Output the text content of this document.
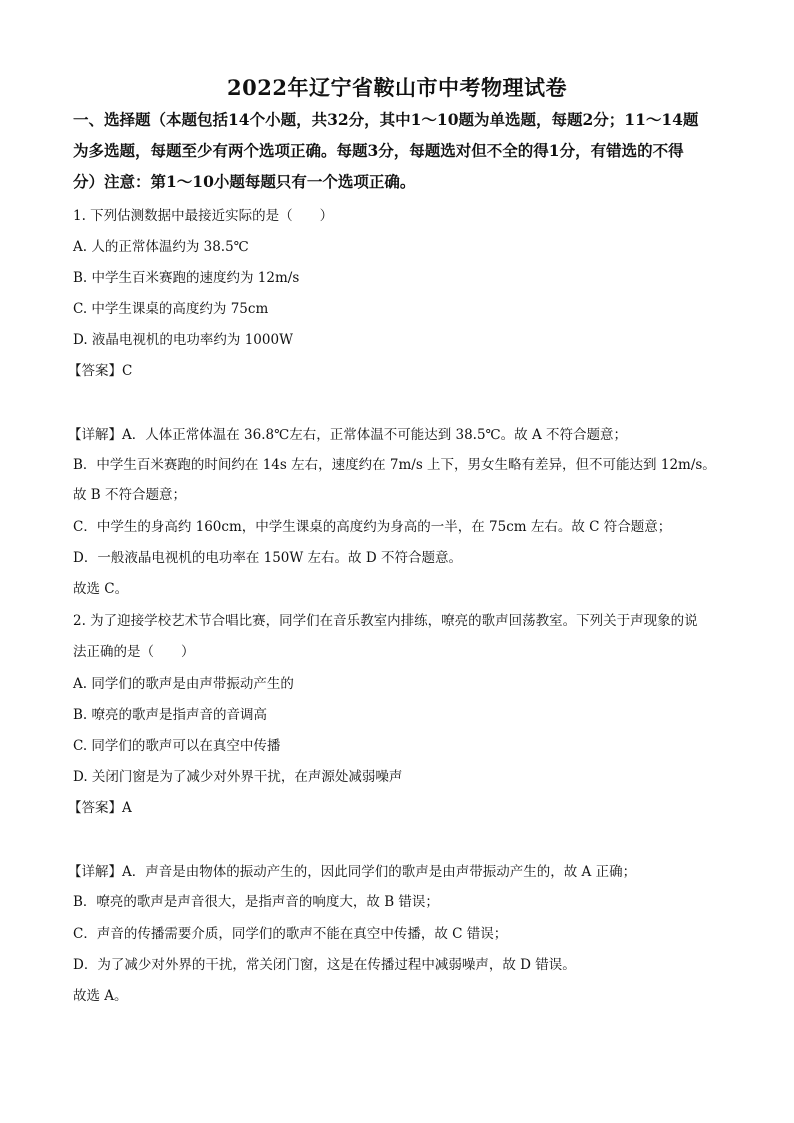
2022年辽宁省鞍山市中考物理试卷
一、选择题（本题包括14个小题，共32分，其中1～10题为单选题，每题2分；11～14题
为多选题，每题至少有两个选项正确。每题3分，每题选对但不全的得1分，有错选的不得
分）注意：第1～10小题每题只有一个选项正确。
1. 下列估测数据中最接近实际的是（　　）
A. 人的正常体温约为 38.5℃
B. 中学生百米赛跑的速度约为 12m/s
C. 中学生课桌的高度约为 75cm
D. 液晶电视机的电功率约为 1000W
【答案】C
【详解】A．人体正常体温在 36.8℃左右，正常体温不可能达到 38.5℃。故 A 不符合题意；
B．中学生百米赛跑的时间约在 14s 左右，速度约在 7m/s 上下，男女生略有差异，但不可能达到 12m/s。
故 B 不符合题意；
C．中学生的身高约 160cm，中学生课桌的高度约为身高的一半，在 75cm 左右。故 C 符合题意；
D．一般液晶电视机的电功率在 150W 左右。故 D 不符合题意。
故选 C。
2. 为了迎接学校艺术节合唱比赛，同学们在音乐教室内排练，嘹亮的歌声回荡教室。下列关于声现象的说
法正确的是（　　）
A. 同学们的歌声是由声带振动产生的
B. 嘹亮的歌声是指声音的音调高
C. 同学们的歌声可以在真空中传播
D. 关闭门窗是为了减少对外界干扰，在声源处减弱噪声
【答案】A
【详解】A．声音是由物体的振动产生的，因此同学们的歌声是由声带振动产生的，故 A 正确；
B．嘹亮的歌声是声音很大，是指声音的响度大，故 B 错误；
C．声音的传播需要介质，同学们的歌声不能在真空中传播，故 C 错误；
D．为了减少对外界的干扰，常关闭门窗，这是在传播过程中减弱噪声，故 D 错误。
故选 A。
